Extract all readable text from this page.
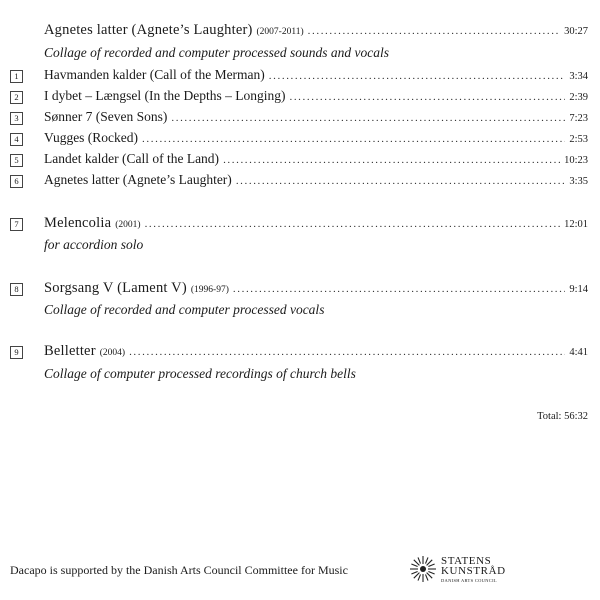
Agnetes latter (Agnete’s Laughter) (2007-2011) .....	30:27
Collage of recorded and computer processed sounds and vocals
1	Havmanden kalder (Call of the Merman) .....	3:34
2	I dybet – Længsel (In the Depths – Longing) .....	2:39
3	Sønner 7 (Seven Sons) .....	7:23
4	Vugges (Rocked) .....	2:53
5	Landet kalder (Call of the Land) .....	10:23
6	Agnetes latter (Agnete’s Laughter) .....	3:35
7	Melencolia (2001) .....	12:01
for accordion solo
8	Sorgsang V (Lament V) (1996-97) .....	9:14
Collage of recorded and computer processed vocals
9	Belletter (2004) .....	4:41
Collage of computer processed recordings of church bells
Total: 56:32
Dacapo is supported by the Danish Arts Council Committee for Music
STATENS
KUNSTRÅD
DANISH ARTS COUNCIL
